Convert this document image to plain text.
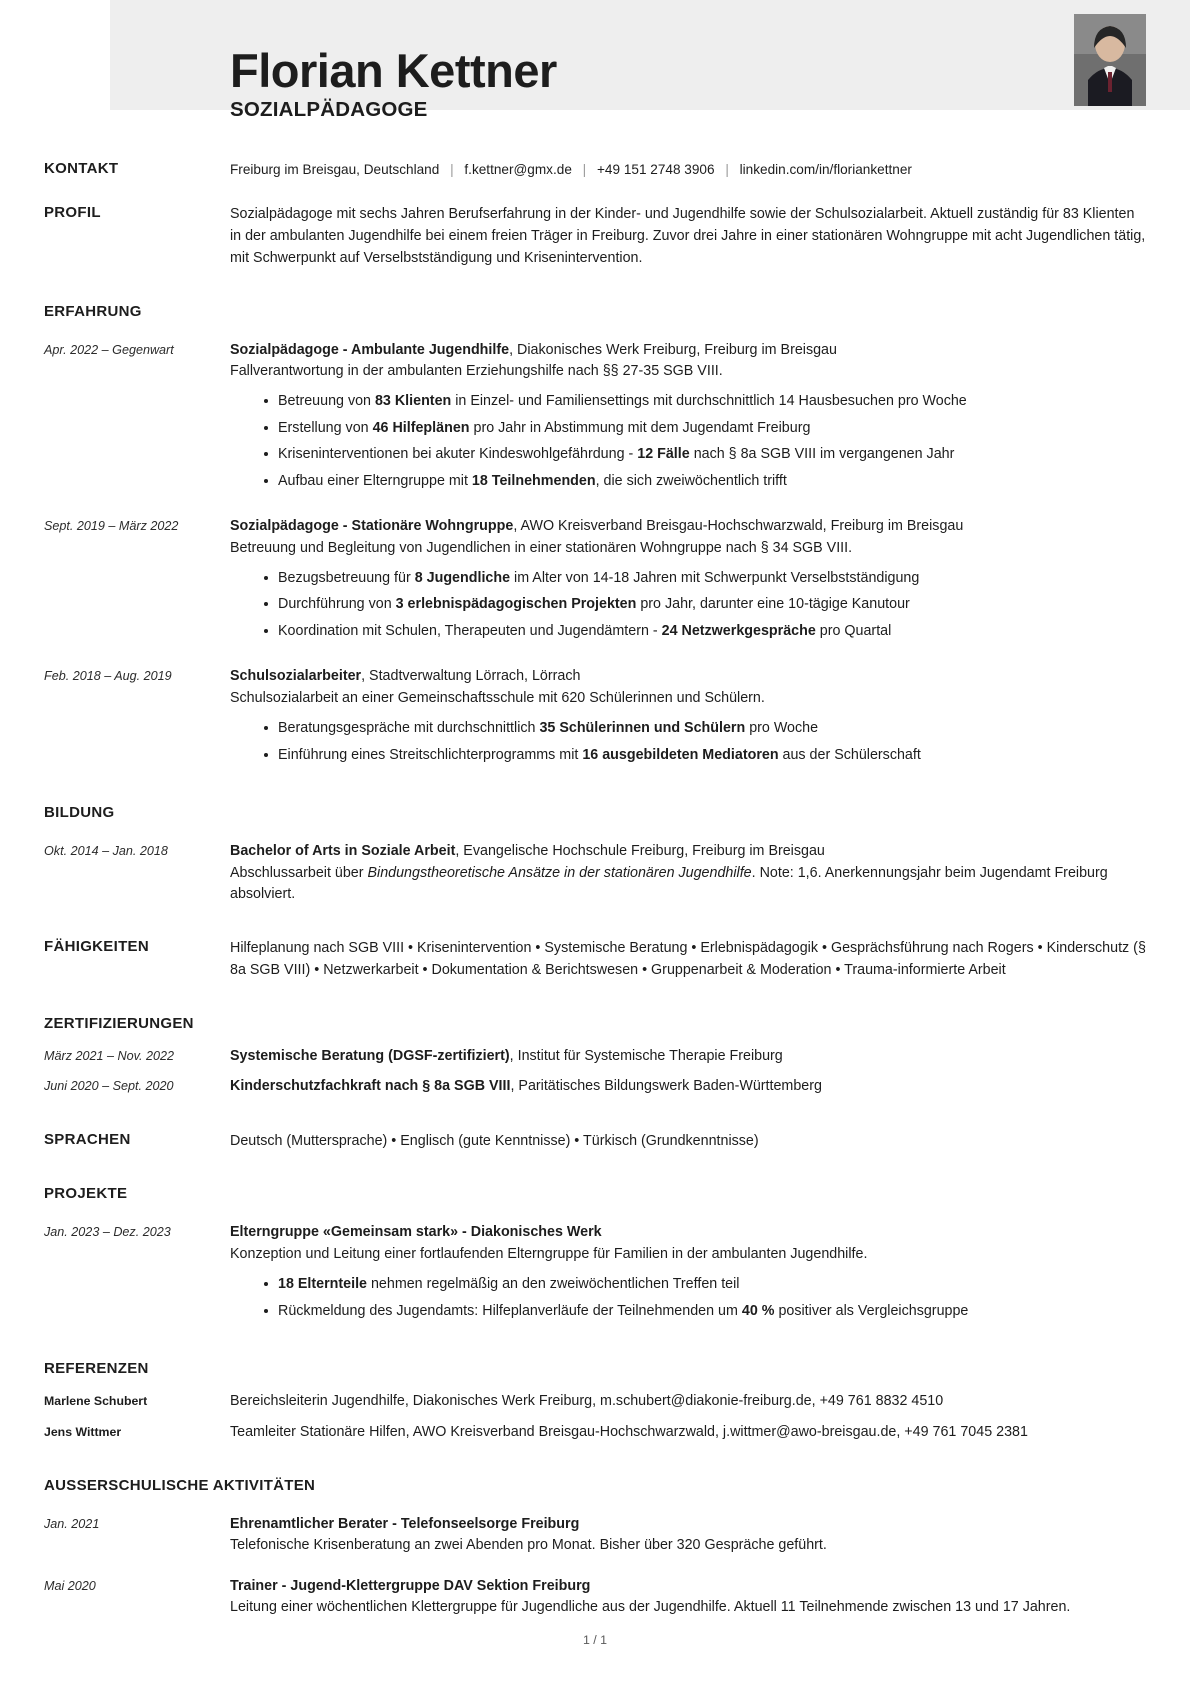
Florian Kettner
SOZIALPÄDAGOGE
KONTAKT	Freiburg im Breisgau, Deutschland | f.kettner@gmx.de | +49 151 2748 3906 | linkedin.com/in/floriankettner
PROFIL	Sozialpädagoge mit sechs Jahren Berufserfahrung in der Kinder- und Jugendhilfe sowie der Schulsozialarbeit. Aktuell zuständig für 83 Klienten in der ambulanten Jugendhilfe bei einem freien Träger in Freiburg. Zuvor drei Jahre in einer stationären Wohngruppe mit acht Jugendlichen tätig, mit Schwerpunkt auf Verselbstständigung und Krisenintervention.
ERFAHRUNG
Apr. 2022 – Gegenwart	Sozialpädagoge - Ambulante Jugendhilfe, Diakonisches Werk Freiburg, Freiburg im Breisgau
Fallverantwortung in der ambulanten Erziehungshilfe nach §§ 27-35 SGB VIII.
Betreuung von 83 Klienten in Einzel- und Familiensettings mit durchschnittlich 14 Hausbesuchen pro Woche
Erstellung von 46 Hilfeplänen pro Jahr in Abstimmung mit dem Jugendamt Freiburg
Kriseninterventionen bei akuter Kindeswohlgefährdung - 12 Fälle nach § 8a SGB VIII im vergangenen Jahr
Aufbau einer Elterngruppe mit 18 Teilnehmenden, die sich zweiwöchentlich trifft
Sept. 2019 – März 2022	Sozialpädagoge - Stationäre Wohngruppe, AWO Kreisverband Breisgau-Hochschwarzwald, Freiburg im Breisgau
Betreuung und Begleitung von Jugendlichen in einer stationären Wohngruppe nach § 34 SGB VIII.
Bezugsbetreuung für 8 Jugendliche im Alter von 14-18 Jahren mit Schwerpunkt Verselbstständigung
Durchführung von 3 erlebnispädagogischen Projekten pro Jahr, darunter eine 10-tägige Kanutour
Koordination mit Schulen, Therapeuten und Jugendämtern - 24 Netzwerkgespräche pro Quartal
Feb. 2018 – Aug. 2019	Schulsozialarbeiter, Stadtverwaltung Lörrach, Lörrach
Schulsozialarbeit an einer Gemeinschaftsschule mit 620 Schülerinnen und Schülern.
Beratungsgespräche mit durchschnittlich 35 Schülerinnen und Schülern pro Woche
Einführung eines Streitschlichterprogramms mit 16 ausgebildeten Mediatoren aus der Schülerschaft
BILDUNG
Okt. 2014 – Jan. 2018	Bachelor of Arts in Soziale Arbeit, Evangelische Hochschule Freiburg, Freiburg im Breisgau
Abschlussarbeit über Bindungstheoretische Ansätze in der stationären Jugendhilfe. Note: 1,6. Anerkennungsjahr beim Jugendamt Freiburg absolviert.
FÄHIGKEITEN	Hilfeplanung nach SGB VIII • Krisenintervention • Systemische Beratung • Erlebnispädagogik • Gesprächsführung nach Rogers • Kinderschutz (§ 8a SGB VIII) • Netzwerkarbeit • Dokumentation & Berichtswesen • Gruppenarbeit & Moderation • Trauma-informierte Arbeit
ZERTIFIZIERUNGEN
März 2021 – Nov. 2022	Systemische Beratung (DGSF-zertifiziert), Institut für Systemische Therapie Freiburg
Juni 2020 – Sept. 2020	Kinderschutzfachkraft nach § 8a SGB VIII, Paritätisches Bildungswerk Baden-Württemberg
SPRACHEN	Deutsch (Muttersprache) • Englisch (gute Kenntnisse) • Türkisch (Grundkenntnisse)
PROJEKTE
Jan. 2023 – Dez. 2023	Elterngruppe «Gemeinsam stark» - Diakonisches Werk
Konzeption und Leitung einer fortlaufenden Elterngruppe für Familien in der ambulanten Jugendhilfe.
18 Elternteile nehmen regelmäßig an den zweiwöchentlichen Treffen teil
Rückmeldung des Jugendamts: Hilfeplanverläufe der Teilnehmenden um 40 % positiver als Vergleichsgruppe
REFERENZEN
Marlene Schubert	Bereichsleiterin Jugendhilfe, Diakonisches Werk Freiburg, m.schubert@diakonie-freiburg.de, +49 761 8832 4510
Jens Wittmer	Teamleiter Stationäre Hilfen, AWO Kreisverband Breisgau-Hochschwarzwald, j.wittmer@awo-breisgau.de, +49 761 7045 2381
AUSSERSCHULISCHE AKTIVITÄTEN
Jan. 2021	Ehrenamtlicher Berater - Telefonseelsorge Freiburg
Telefonische Krisenberatung an zwei Abenden pro Monat. Bisher über 320 Gespräche geführt.
Mai 2020	Trainer - Jugend-Klettergruppe DAV Sektion Freiburg
Leitung einer wöchentlichen Klettergruppe für Jugendliche aus der Jugendhilfe. Aktuell 11 Teilnehmende zwischen 13 und 17 Jahren.
1 / 1
